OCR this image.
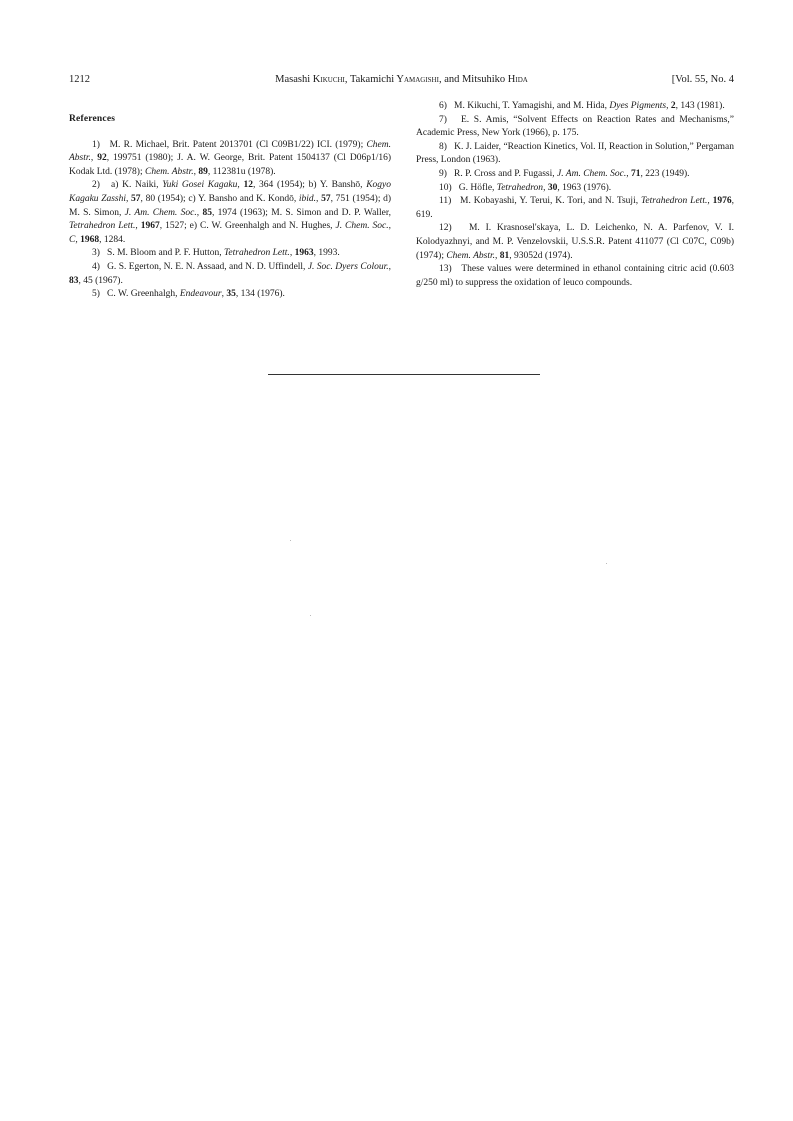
1212	Masashi Kikuchi, Takamichi Yamagishi, and Mitsuhiko Hida	[Vol. 55, No. 4
References

1)   M. R. Michael, Brit. Patent 2013701 (Cl C09B1/22) ICI. (1979); Chem. Abstr., 92, 199751 (1980); J. A. W. George, Brit. Patent 1504137 (Cl D06p1/16) Kodak Ltd. (1978); Chem. Abstr., 89, 112381u (1978).

2)   a) K. Naiki, Yuki Gosei Kagaku, 12, 364 (1954); b) Y. Banshō, Kogyo Kagaku Zasshi, 57, 80 (1954); c) Y. Bansho and K. Kondō, ibid., 57, 751 (1954); d) M. S. Simon, J. Am. Chem. Soc., 85, 1974 (1963); M. S. Simon and D. P. Waller, Tetrahedron Lett., 1967, 1527; e) C. W. Greenhalgh and N. Hughes, J. Chem. Soc., C, 1968, 1284.

3)   S. M. Bloom and P. F. Hutton, Tetrahedron Lett., 1963, 1993.

4)   G. S. Egerton, N. E. N. Assaad, and N. D. Uffindell, J. Soc. Dyers Colour., 83, 45 (1967).

5)   C. W. Greenhalgh, Endeavour, 35, 134 (1976).

6)   M. Kikuchi, T. Yamagishi, and M. Hida, Dyes Pigments, 2, 143 (1981).

7)   E. S. Amis, “Solvent Effects on Reaction Rates and Mechanisms,” Academic Press, New York (1966), p. 175.

8)   K. J. Laider, “Reaction Kinetics, Vol. II, Reaction in Solution,” Pergaman Press, London (1963).

9)   R. P. Cross and P. Fugassi, J. Am. Chem. Soc., 71, 223 (1949).

10)   G. Höfle, Tetrahedron, 30, 1963 (1976).

11)   M. Kobayashi, Y. Terui, K. Tori, and N. Tsuji, Tetrahedron Lett., 1976, 619.

12)   M. I. Krasnosel'skaya, L. D. Leichenko, N. A. Parfenov, V. I. Kolodyazhnyi, and M. P. Venzelovskii, U.S.S.R. Patent 411077 (Cl C07C, C09b) (1974); Chem. Abstr., 81, 93052d (1974).

13)   These values were determined in ethanol containing citric acid (0.603 g/250 ml) to suppress the oxidation of leuco compounds.
